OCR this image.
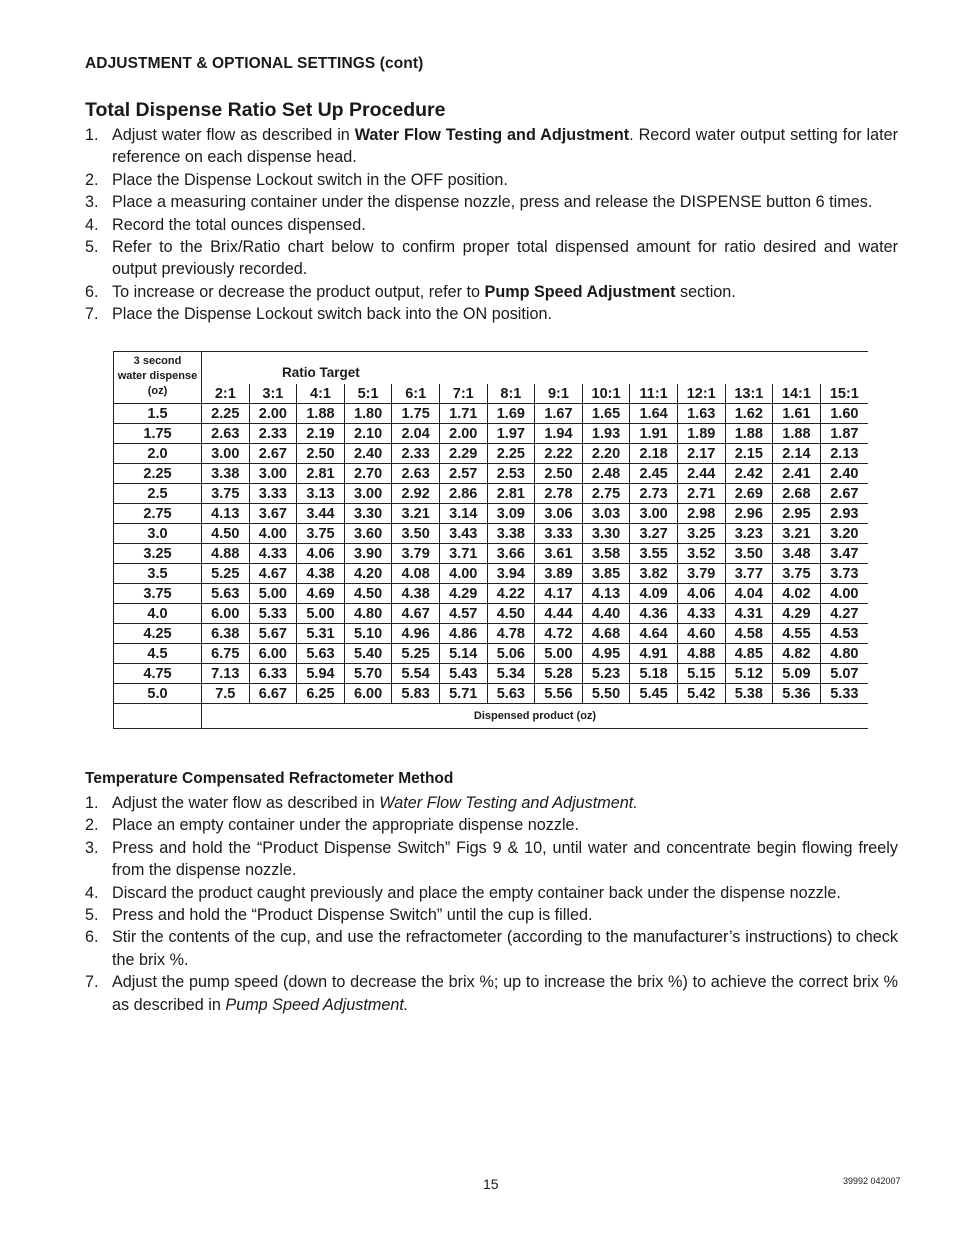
ADJUSTMENT & OPTIONAL SETTINGS (cont)
Total Dispense Ratio Set Up Procedure
1. Adjust water flow as described in Water Flow Testing and Adjustment. Record water output setting for later reference on each dispense head.
2. Place the Dispense Lockout switch in the OFF position.
3. Place a measuring container under the dispense nozzle, press and release the DISPENSE button 6 times.
4. Record the total ounces dispensed.
5. Refer to the Brix/Ratio chart below to confirm proper total dispensed amount for ratio desired and water output previously recorded.
6. To increase or decrease the product output, refer to Pump Speed Adjustment section.
7. Place the Dispense Lockout switch back into the ON position.
Temperature Compensated Refractometer Method
1. Adjust the water flow as described in Water Flow Testing and Adjustment.
2. Place an empty container under the appropriate dispense nozzle.
3. Press and hold the “Product Dispense Switch” Figs 9 & 10, until water and concentrate begin flowing freely from the dispense nozzle.
4. Discard the product caught previously and place the empty container back under the dispense nozzle.
5. Press and hold the “Product Dispense Switch” until the cup is filled.
6. Stir the contents of the cup, and use the refractometer (according to the manufacturer’s instructions) to check the brix %.
7. Adjust the pump speed (down to decrease the brix %; up to increase the brix %) to achieve the correct brix % as described in Pump Speed Adjustment.
Ratio Target
3 second
water dispense
(oz)														

	2:1	3:1	4:1	5:1	6:1	7:1	8:1	9:1	10:1	11:1	12:1	13:1	14:1	15:1
1.5	2.25	2.00	1.88	1.80	1.75	1.71	1.69	1.67	1.65	1.64	1.63	1.62	1.61	1.60
1.75	2.63	2.33	2.19	2.10	2.04	2.00	1.97	1.94	1.93	1.91	1.89	1.88	1.88	1.87
2.0	3.00	2.67	2.50	2.40	2.33	2.29	2.25	2.22	2.20	2.18	2.17	2.15	2.14	2.13
2.25	3.38	3.00	2.81	2.70	2.63	2.57	2.53	2.50	2.48	2.45	2.44	2.42	2.41	2.40
2.5	3.75	3.33	3.13	3.00	2.92	2.86	2.81	2.78	2.75	2.73	2.71	2.69	2.68	2.67
2.75	4.13	3.67	3.44	3.30	3.21	3.14	3.09	3.06	3.03	3.00	2.98	2.96	2.95	2.93
3.0	4.50	4.00	3.75	3.60	3.50	3.43	3.38	3.33	3.30	3.27	3.25	3.23	3.21	3.20
3.25	4.88	4.33	4.06	3.90	3.79	3.71	3.66	3.61	3.58	3.55	3.52	3.50	3.48	3.47
3.5	5.25	4.67	4.38	4.20	4.08	4.00	3.94	3.89	3.85	3.82	3.79	3.77	3.75	3.73
3.75	5.63	5.00	4.69	4.50	4.38	4.29	4.22	4.17	4.13	4.09	4.06	4.04	4.02	4.00
4.0	6.00	5.33	5.00	4.80	4.67	4.57	4.50	4.44	4.40	4.36	4.33	4.31	4.29	4.27
4.25	6.38	5.67	5.31	5.10	4.96	4.86	4.78	4.72	4.68	4.64	4.60	4.58	4.55	4.53
4.5	6.75	6.00	5.63	5.40	5.25	5.14	5.06	5.00	4.95	4.91	4.88	4.85	4.82	4.80
4.75	7.13	6.33	5.94	5.70	5.54	5.43	5.34	5.28	5.23	5.18	5.15	5.12	5.09	5.07
5.0	7.5	6.67	6.25	6.00	5.83	5.71	5.63	5.56	5.50	5.45	5.42	5.38	5.36	5.33
	Dispensed product (oz)													
15	39992 042007
